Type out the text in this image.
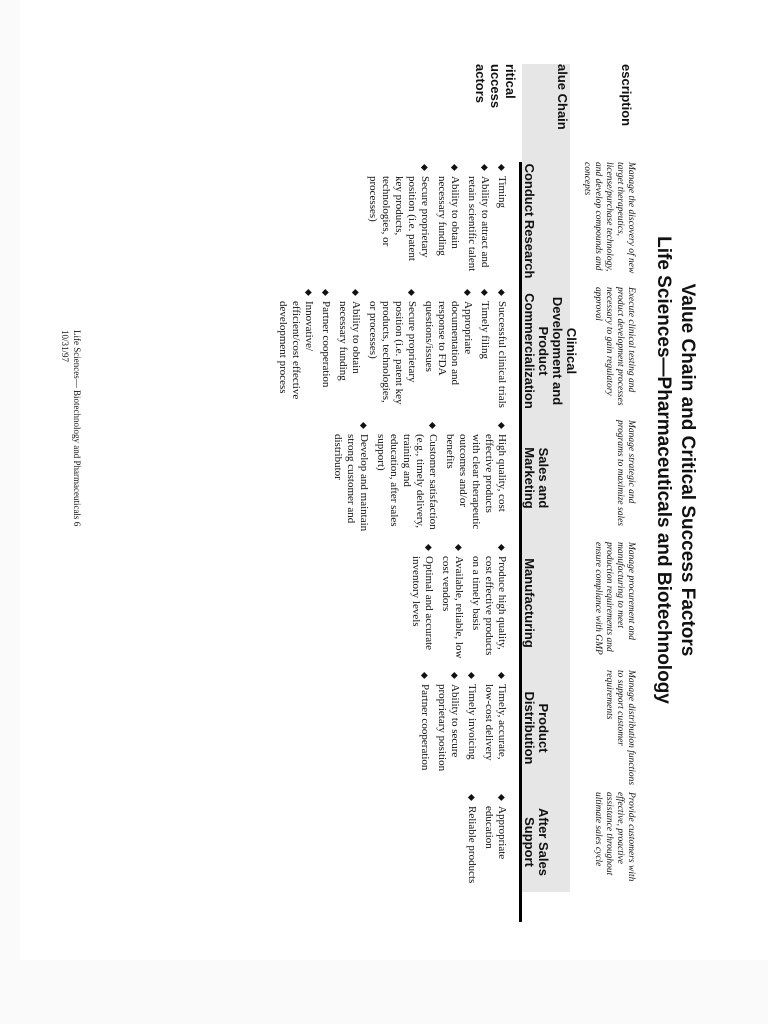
Value Chain and Critical Success Factors
Life Sciences—Pharmaceuticals and Biotechnology
escription
alue Chain
ritical
uccess
actors
Manage the discovery of new target therapeutics, license/purchase technology, and develop compounds and concepts
Conduct Research
◆
Timing
◆
Ability to attract and retain scientific talent
◆
Ability to obtain necessary funding
◆
Secure proprietary position (i.e. patent key products, technologies, or processes)
Execute clinical testing and product development processes necessary to gain regulatory approval
Clinical Development and Product Commercialization
◆
Successful clinical trials
◆
Timely filing
◆
Appropriate documentation and response to FDA questions/issues
◆
Secure proprietary position (i.e. patent key products, technologies, or processes)
◆
Ability to obtain necessary funding
◆
Partner cooperation
◆
Innovative/ efficient/cost effective development process
Manage strategic and programs to maximize sales
Sales and Marketing
◆
High quality, cost effective products with clear therapeutic outcomes and/or benefits
◆
Customer satisfaction (e.g., timely delivery, training and education, after sales support)
◆
Develop and maintain strong customer and distributor
Manage procurement and manufacturing to meet production requirements and ensure compliance with GMP
Manufacturing
◆
Produce high quality, cost effective products on a timely basis
◆
Available, reliable, low cost vendors
◆
Optimal and accurate inventory levels
Manage distribution functions to support customer requirements
Product Distribution
◆
Timely, accurate, low-cost delivery
◆
Timely invoicing
◆
Ability to secure proprietary position
◆
Partner cooperation
Provide customers with effective, proactive assistance throughout ultimate sales cycle
After Sales Support
◆
Appropriate education
◆
Reliable products
Life Sciences— Biotechnology and Pharmaceuticals 6
10/31/97
